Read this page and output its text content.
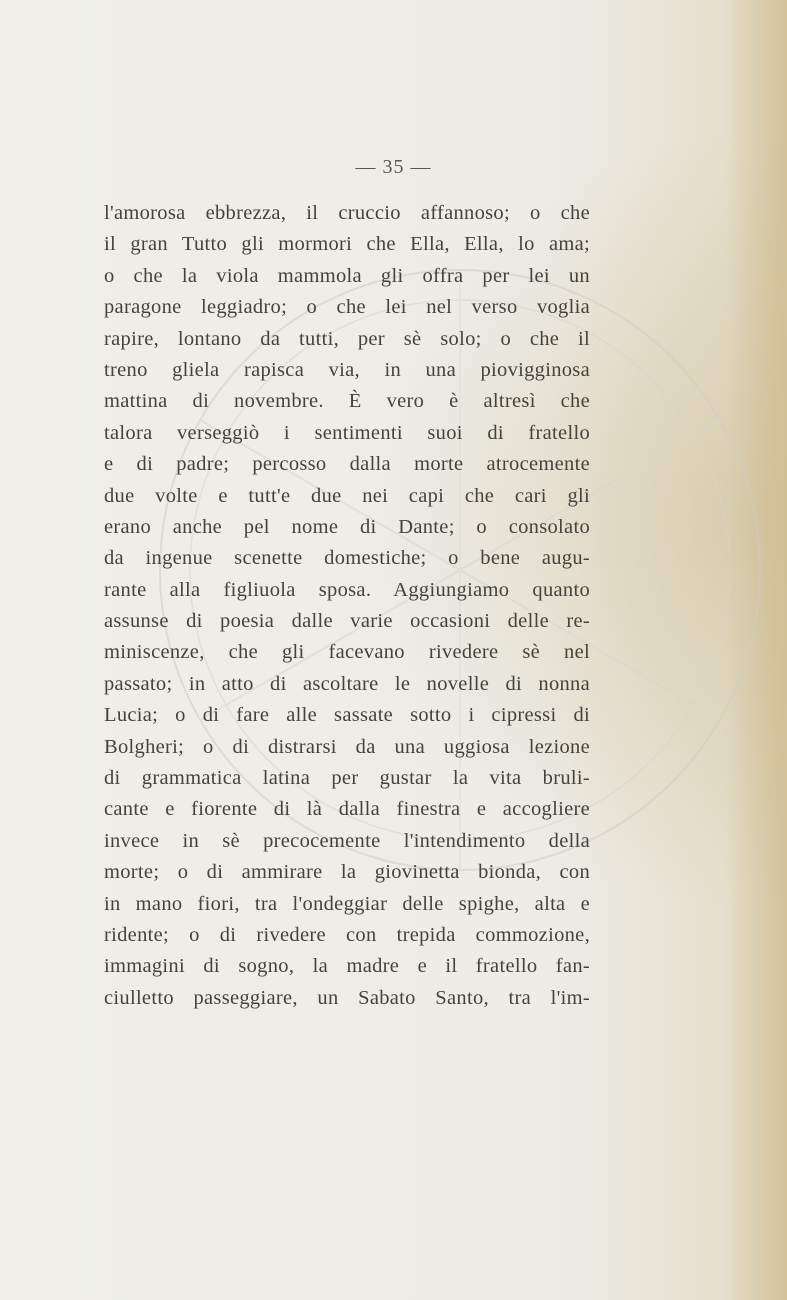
— 35 —
l'amorosa ebbrezza, il cruccio affannoso; o che
il gran Tutto gli mormori che Ella, Ella, lo ama;
o che la viola mammola gli offra per lei un
paragone leggiadro; o che lei nel verso voglia
rapire, lontano da tutti, per sè solo; o che il
treno gliela rapisca via, in una piovigginosa
mattina di novembre. È vero è altresì che
talora verseggiò i sentimenti suoi di fratello
e di padre; percosso dalla morte atrocemente
due volte e tutt'e due nei capi che cari gli
erano anche pel nome di Dante; o consolato
da ingenue scenette domestiche; o bene augu-
rante alla figliuola sposa. Aggiungiamo quanto
assunse di poesia dalle varie occasioni delle re-
miniscenze, che gli facevano rivedere sè nel
passato; in atto di ascoltare le novelle di nonna
Lucia; o di fare alle sassate sotto i cipressi di
Bolgheri; o di distrarsi da una uggiosa lezione
di grammatica latina per gustar la vita bruli-
cante e fiorente di là dalla finestra e accogliere
invece in sè precocemente l'intendimento della
morte; o di ammirare la giovinetta bionda, con
in mano fiori, tra l'ondeggiar delle spighe, alta e
ridente; o di rivedere con trepida commozione,
immagini di sogno, la madre e il fratello fan-
ciulletto passeggiare, un Sabato Santo, tra l'im-
